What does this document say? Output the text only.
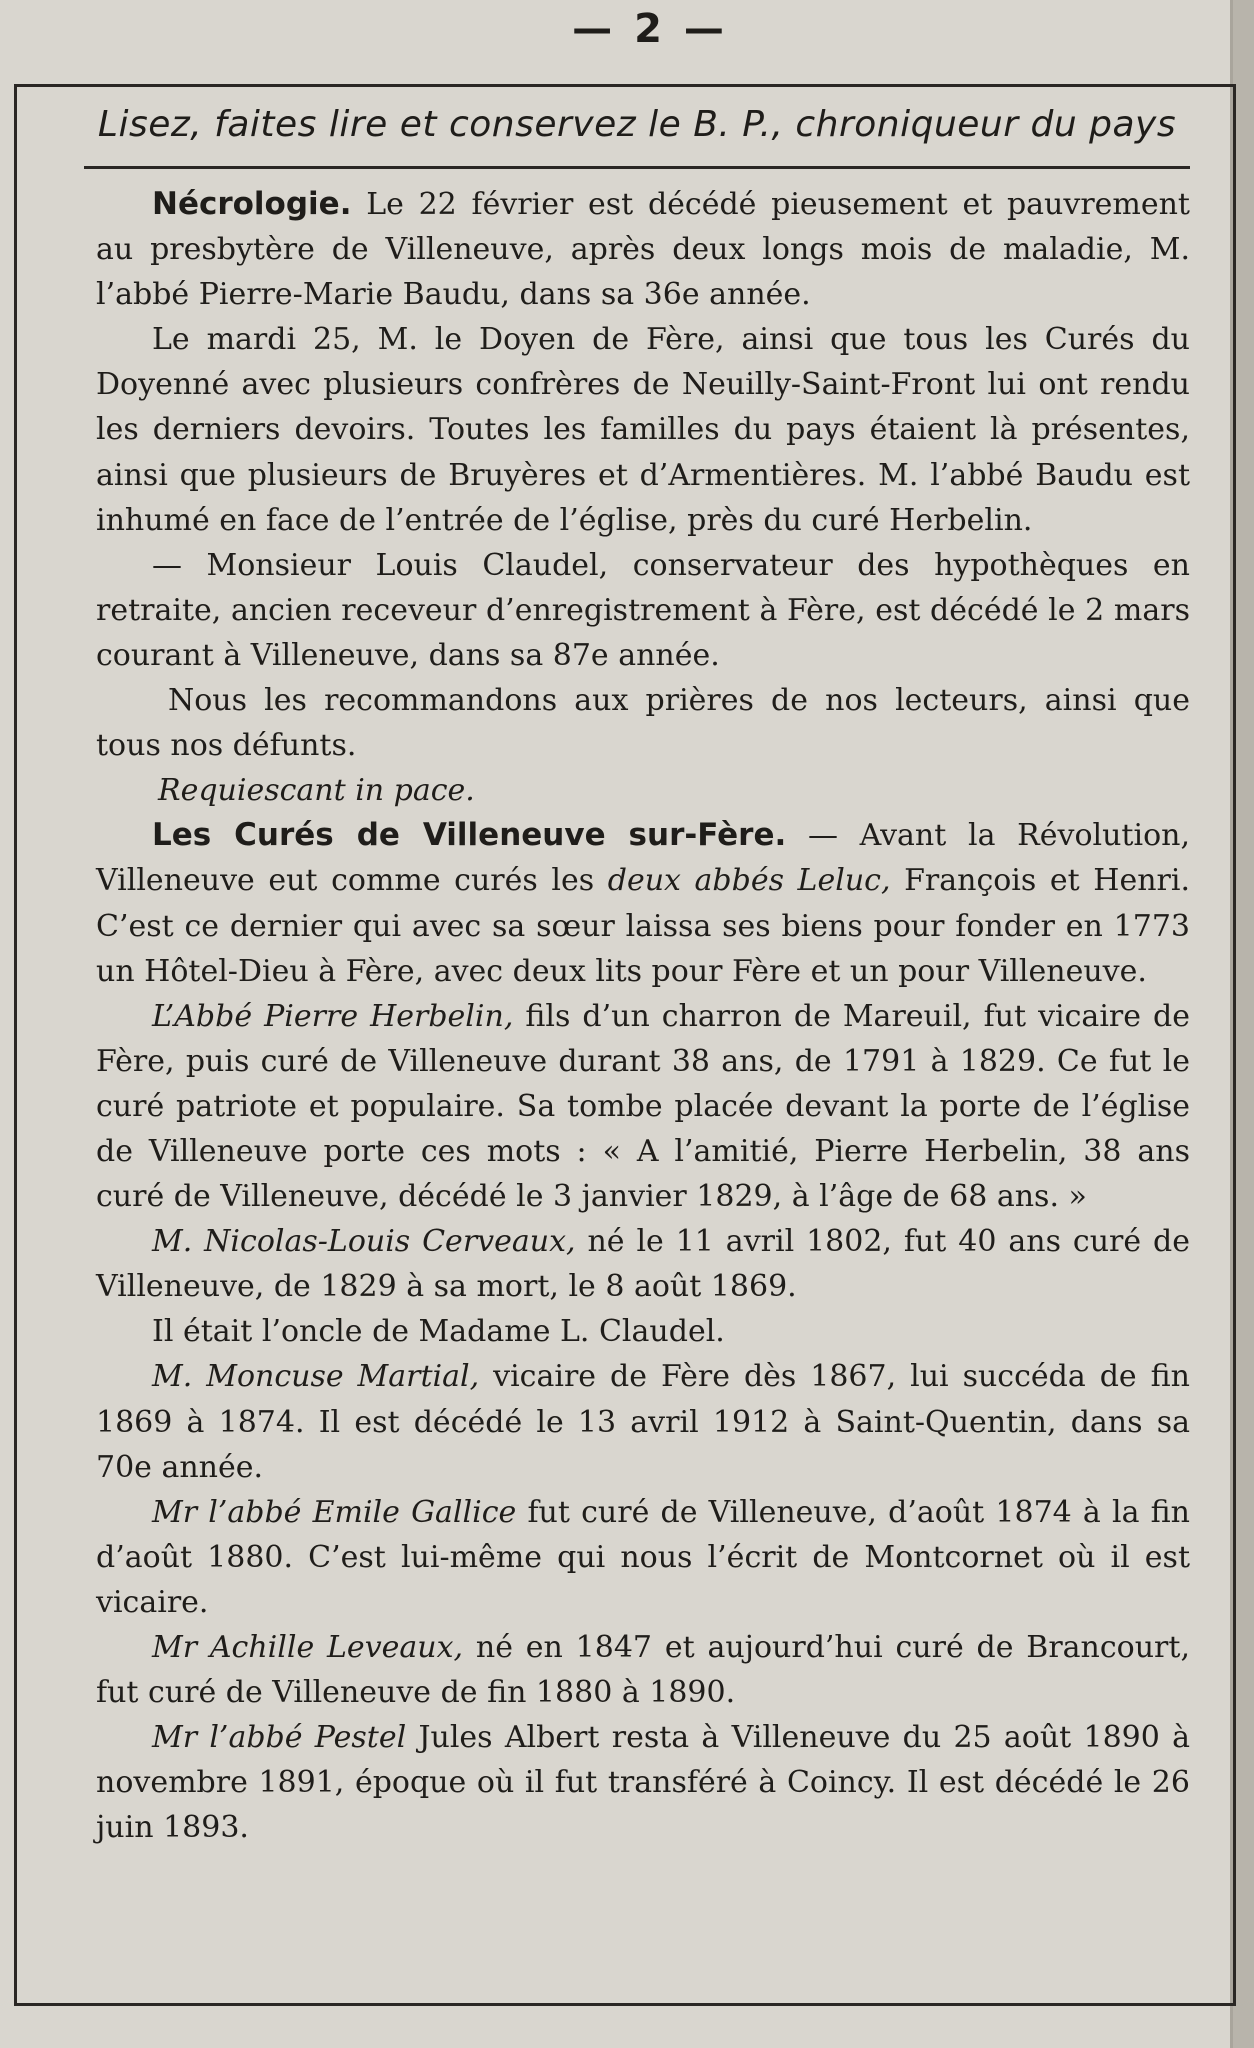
— 2 —
Lisez, faites lire et conservez le B. P., chroniqueur du pays

Nécrologie. Le 22 février est décédé pieusement et pauvrement au presbytère de Villeneuve, après deux longs mois de maladie, M. l’abbé Pierre-Marie Baudu, dans sa 36e année.

Le mardi 25, M. le Doyen de Fère, ainsi que tous les Curés du Doyenné avec plusieurs confrères de Neuilly-Saint-Front lui ont rendu les derniers devoirs. Toutes les familles du pays étaient là présentes, ainsi que plusieurs de Bruyères et d’Armentières. M. l’abbé Baudu est inhumé en face de l’entrée de l’église, près du curé Herbelin.

— Monsieur Louis Claudel, conservateur des hypothèques en retraite, ancien receveur d’enregistrement à Fère, est décédé le 2 mars courant à Villeneuve, dans sa 87e année.

Nous les recommandons aux prières de nos lecteurs, ainsi que tous nos défunts.

Requiescant in pace.

Les Curés de Villeneuve sur-Fère. — Avant la Révolution, Villeneuve eut comme curés les deux abbés Leluc, François et Henri. C’est ce dernier qui avec sa sœur laissa ses biens pour fonder en 1773 un Hôtel-Dieu à Fère, avec deux lits pour Fère et un pour Villeneuve.

L’Abbé Pierre Herbelin, fils d’un charron de Mareuil, fut vicaire de Fère, puis curé de Villeneuve durant 38 ans, de 1791 à 1829. Ce fut le curé patriote et populaire. Sa tombe placée devant la porte de l’église de Villeneuve porte ces mots : « A l’amitié, Pierre Herbelin, 38 ans curé de Villeneuve, décédé le 3 janvier 1829, à l’âge de 68 ans. »

M. Nicolas-Louis Cerveaux, né le 11 avril 1802, fut 40 ans curé de Villeneuve, de 1829 à sa mort, le 8 août 1869.

Il était l’oncle de Madame L. Claudel.

M. Moncuse Martial, vicaire de Fère dès 1867, lui succéda de fin 1869 à 1874. Il est décédé le 13 avril 1912 à Saint-Quentin, dans sa 70e année.

Mr l’abbé Emile Gallice fut curé de Villeneuve, d’août 1874 à la fin d’août 1880. C’est lui-même qui nous l’écrit de Montcornet où il est vicaire.

Mr Achille Leveaux, né en 1847 et aujourd’hui curé de Brancourt, fut curé de Villeneuve de fin 1880 à 1890.

Mr l’abbé Pestel Jules Albert resta à Villeneuve du 25 août 1890 à novembre 1891, époque où il fut transféré à Coincy. Il est décédé le 26 juin 1893.
